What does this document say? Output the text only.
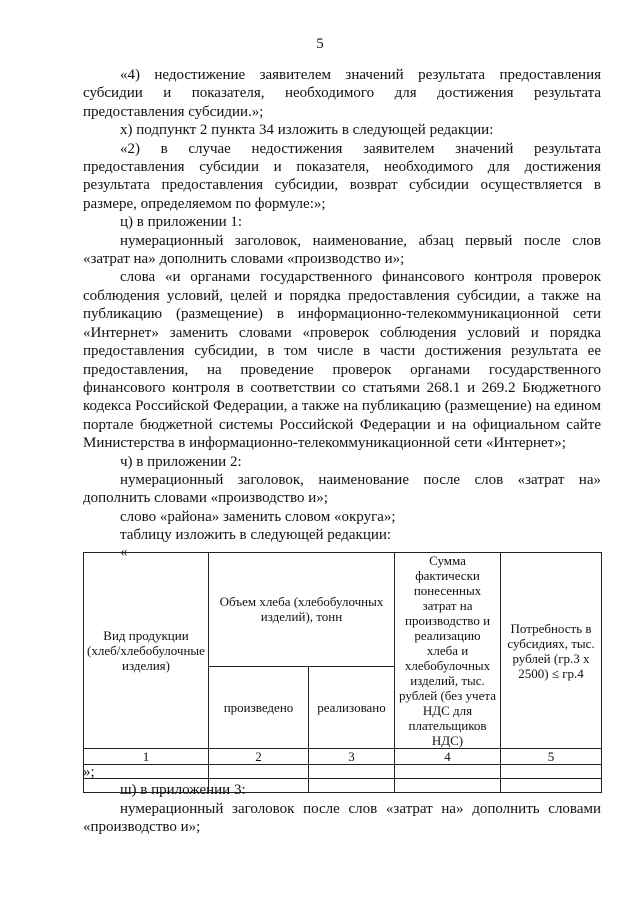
5

«4) недостижение заявителем значений результата предоставления субсидии и показателя, необходимого для достижения результата предоставления субсидии.»;

х) подпункт 2 пункта 34 изложить в следующей редакции:

«2) в случае недостижения заявителем значений результата предоставления субсидии и показателя, необходимого для достижения результата предоставления субсидии, возврат субсидии осуществляется в размере, определяемом по формуле:»;

ц) в приложении 1:

нумерационный заголовок, наименование, абзац первый после слов «затрат на» дополнить словами «производство и»;

слова «и органами государственного финансового контроля проверок соблюдения условий, целей и порядка предоставления субсидии, а также на публикацию (размещение) в информационно-телекоммуникационной сети «Интернет» заменить словами «проверок соблюдения условий и порядка предоставления субсидии, в том числе в части достижения результата ее предоставления, на проведение проверок органами государственного финансового контроля в соответствии со статьями 268.1 и 269.2 Бюджетного кодекса Российской Федерации, а также на публикацию (размещение) на едином портале бюджетной системы Российской Федерации и на официальном сайте Министерства в информационно-телекоммуникационной сети «Интернет»;

ч) в приложении 2:

нумерационный заголовок, наименование после слов «затрат на» дополнить словами «производство и»;

слово «района» заменить словом «округа»;

таблицу изложить в следующей редакции:

«

Вид продукции (хлеб/хлебобулочные изделия)	Объем хлеба (хлебобулочных изделий), тонн		Сумма фактически понесенных затрат на производство и реализацию хлеба и хлебобулочных изделий, тыс. рублей (без учета НДС для плательщиков НДС)	Потребность в субсидиях, тыс. рублей (гр.3 x 2500) ≤ гр.4
	произведено	реализовано		
1	2	3	4	5

»;

ш) в приложении 3:

нумерационный заголовок после слов «затрат на» дополнить словами «производство и»;
